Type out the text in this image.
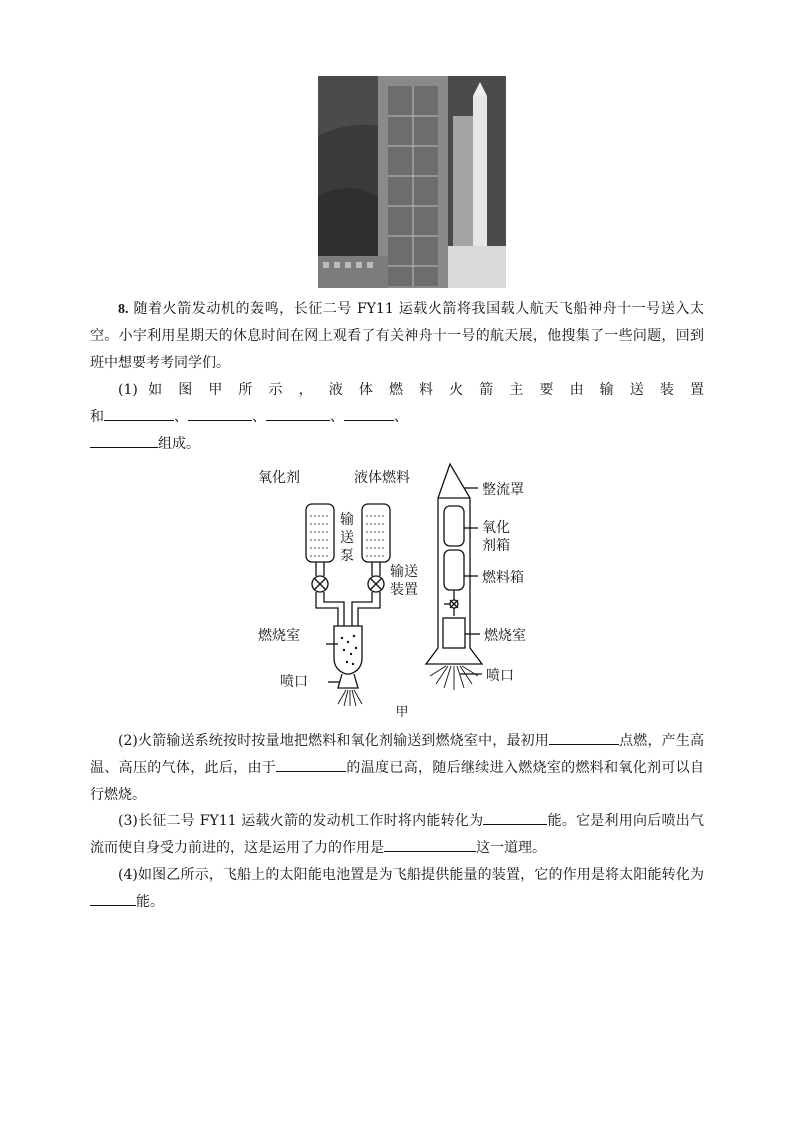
8. 随着火箭发动机的轰鸣，长征二号 FY11 运载火箭将我国载人航天飞船神舟十一号送入太空。小宇利用星期天的休息时间在网上观看了有关神舟十一号的航天展，他搜集了一些问题，回到班中想要考考同学们。

(1) 如 图 甲 所 示 ， 液 体 燃 料 火 箭 主 要 由 输 送 装 置

和	、	、	、	、

组成。

氧化剂	液体燃料
输
送
泵
燃烧室
喷口
整流罩
氧化
剂箱
输送
装置
燃料箱
燃烧室
喷口
甲

(2)火箭输送系统按时按量地把燃料和氧化剂输送到燃烧室中，最初用	点燃，产生高温、高压的气体，此后，由于	的温度已高，随后继续进入燃烧室的燃料和氧化剂可以自行燃烧。

(3)长征二号 FY11 运载火箭的发动机工作时将内能转化为	能。它是利用向后喷出气流而使自身受力前进的，这是运用了力的作用是	这一道理。

(4)如图乙所示，飞船上的太阳能电池置是为飞船提供能量的装置，它的作用是将太阳能转化为能。
